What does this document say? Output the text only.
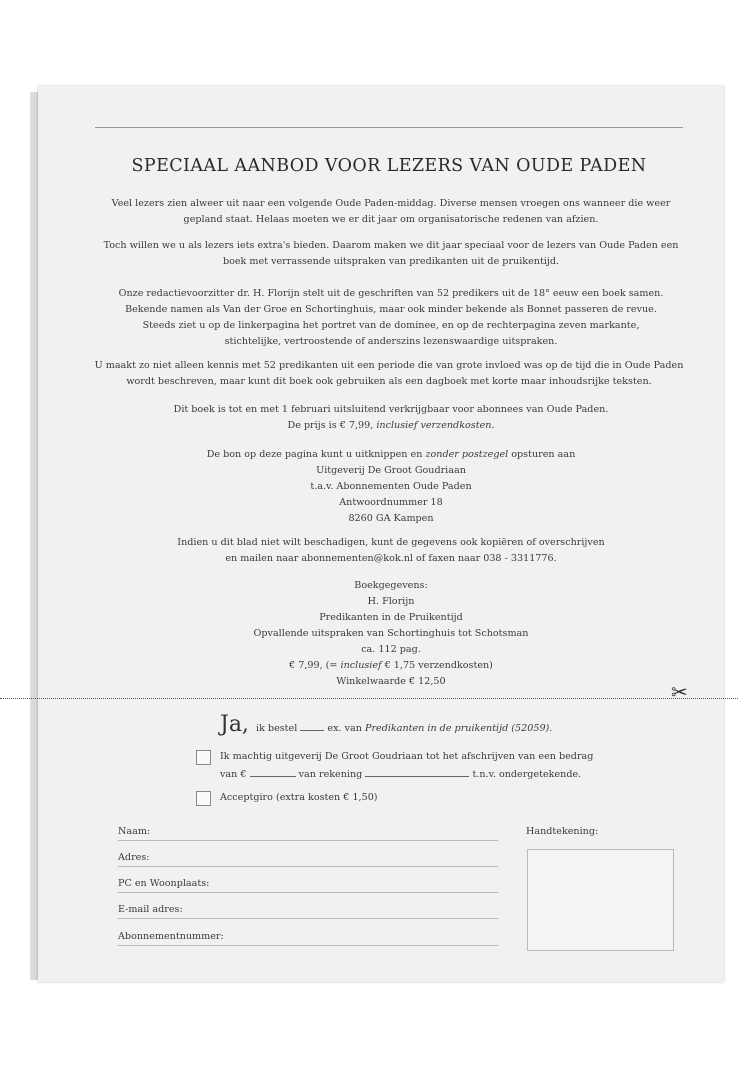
SPECIAAL AANBOD VOOR LEZERS VAN OUDE PADEN

Veel lezers zien alweer uit naar een volgende Oude Paden-middag. Diverse mensen vroegen ons wanneer die weer
gepland staat. Helaas moeten we er dit jaar om organisatorische redenen van afzien.

Toch willen we u als lezers iets extra's bieden. Daarom maken we dit jaar speciaal voor de lezers van Oude Paden een
boek met verrassende uitspraken van predikanten uit de pruikentijd.

Onze redactievoorzitter dr. H. Florijn stelt uit de geschriften van 52 predikers uit de 18° eeuw een boek samen.
Bekende namen als Van der Groe en Schortinghuis, maar ook minder bekende als Bonnet passeren de revue.
Steeds ziet u op de linkerpagina het portret van de dominee, en op de rechterpagina zeven markante,
stichtelijke, vertroostende of anderszins lezenswaardige uitspraken.

U maakt zo niet alleen kennis met 52 predikanten uit een periode die van grote invloed was op de tijd die in Oude Paden
wordt beschreven, maar kunt dit boek ook gebruiken als een dagboek met korte maar inhoudsrijke teksten.

Dit boek is tot en met 1 februari uitsluitend verkrijgbaar voor abonnees van Oude Paden.
De prijs is € 7,99, inclusief verzendkosten.

De bon op deze pagina kunt u uitknippen en zonder postzegel opsturen aan
Uitgeverij De Groot Goudriaan
t.a.v. Abonnementen Oude Paden
Antwoordnummer 18
8260 GA Kampen

Indien u dit blad niet wilt beschadigen, kunt de gegevens ook kopiëren of overschrijven
en mailen naar abonnementen@kok.nl of faxen naar 038 - 3311776.

Boekgegevens:
H. Florijn
Predikanten in de Pruikentijd
Opvallende uitspraken van Schortinghuis tot Schotsman
ca. 112 pag.
€ 7,99, (= inclusief € 1,75 verzendkosten)
Winkelwaarde € 12,50	✂
Ja, ik bestel	ex. van Predikanten in de pruikentijd (52059).
Ik machtig uitgeverij De Groot Goudriaan tot het afschrijven van een bedrag
van €	van rekening	t.n.v. ondergetekende.
Acceptgiro (extra kosten € 1,50)
Naam:
Adres:
PC en Woonplaats:
E-mail adres:
Abonnementnummer:
Handtekening:
